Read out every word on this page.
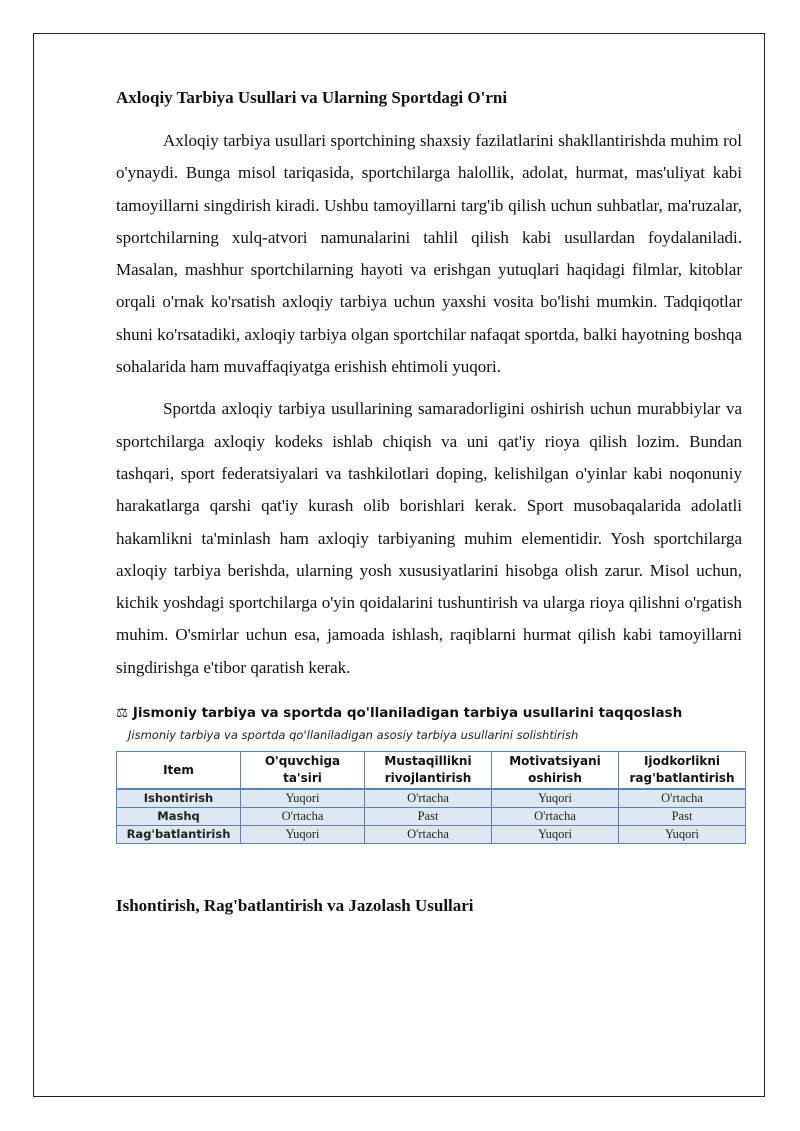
Axloqiy Tarbiya Usullari va Ularning Sportdagi O'rni

Axloqiy tarbiya usullari sportchining shaxsiy fazilatlarini shakllantirishda muhim rol o'ynaydi. Bunga misol tariqasida, sportchilarga halollik, adolat, hurmat, mas'uliyat kabi tamoyillarni singdirish kiradi. Ushbu tamoyillarni targ'ib qilish uchun suhbatlar, ma'ruzalar, sportchilarning xulq-atvori namunalarini tahlil qilish kabi usullardan foydalaniladi. Masalan, mashhur sportchilarning hayoti va erishgan yutuqlari haqidagi filmlar, kitoblar orqali o'rnak ko'rsatish axloqiy tarbiya uchun yaxshi vosita bo'lishi mumkin. Tadqiqotlar shuni ko'rsatadiki, axloqiy tarbiya olgan sportchilar nafaqat sportda, balki hayotning boshqa sohalarida ham muvaffaqiyatga erishish ehtimoli yuqori.

Sportda axloqiy tarbiya usullarining samaradorligini oshirish uchun murabbiylar va sportchilarga axloqiy kodeks ishlab chiqish va uni qat'iy rioya qilish lozim. Bundan tashqari, sport federatsiyalari va tashkilotlari doping, kelishilgan o'yinlar kabi noqonuniy harakatlarga qarshi qat'iy kurash olib borishlari kerak. Sport musobaqalarida adolatli hakamlikni ta'minlash ham axloqiy tarbiyaning muhim elementidir. Yosh sportchilarga axloqiy tarbiya berishda, ularning yosh xususiyatlarini hisobga olish zarur. Misol uchun, kichik yoshdagi sportchilarga o'yin qoidalarini tushuntirish va ularga rioya qilishni o'rgatish muhim. O'smirlar uchun esa, jamoada ishlash, raqiblarni hurmat qilish kabi tamoyillarni singdirishga e'tibor qaratish kerak.

⚖ Jismoniy tarbiya va sportda qo'llaniladigan tarbiya usullarini taqqoslash

Jismoniy tarbiya va sportda qo'llaniladigan asosiy tarbiya usullarini solishtirish

Item	O'quvchiga ta'siri	Mustaqillikni rivojlantirish	Motivatsiyani oshirish	Ijodkorlikni rag'batlantirish
Ishontirish	Yuqori	O'rtacha	Yuqori	O'rtacha
Mashq	O'rtacha	Past	O'rtacha	Past
Rag'batlantirish	Yuqori	O'rtacha	Yuqori	Yuqori
Ishontirish, Rag'batlantirish va Jazolash Usullari
